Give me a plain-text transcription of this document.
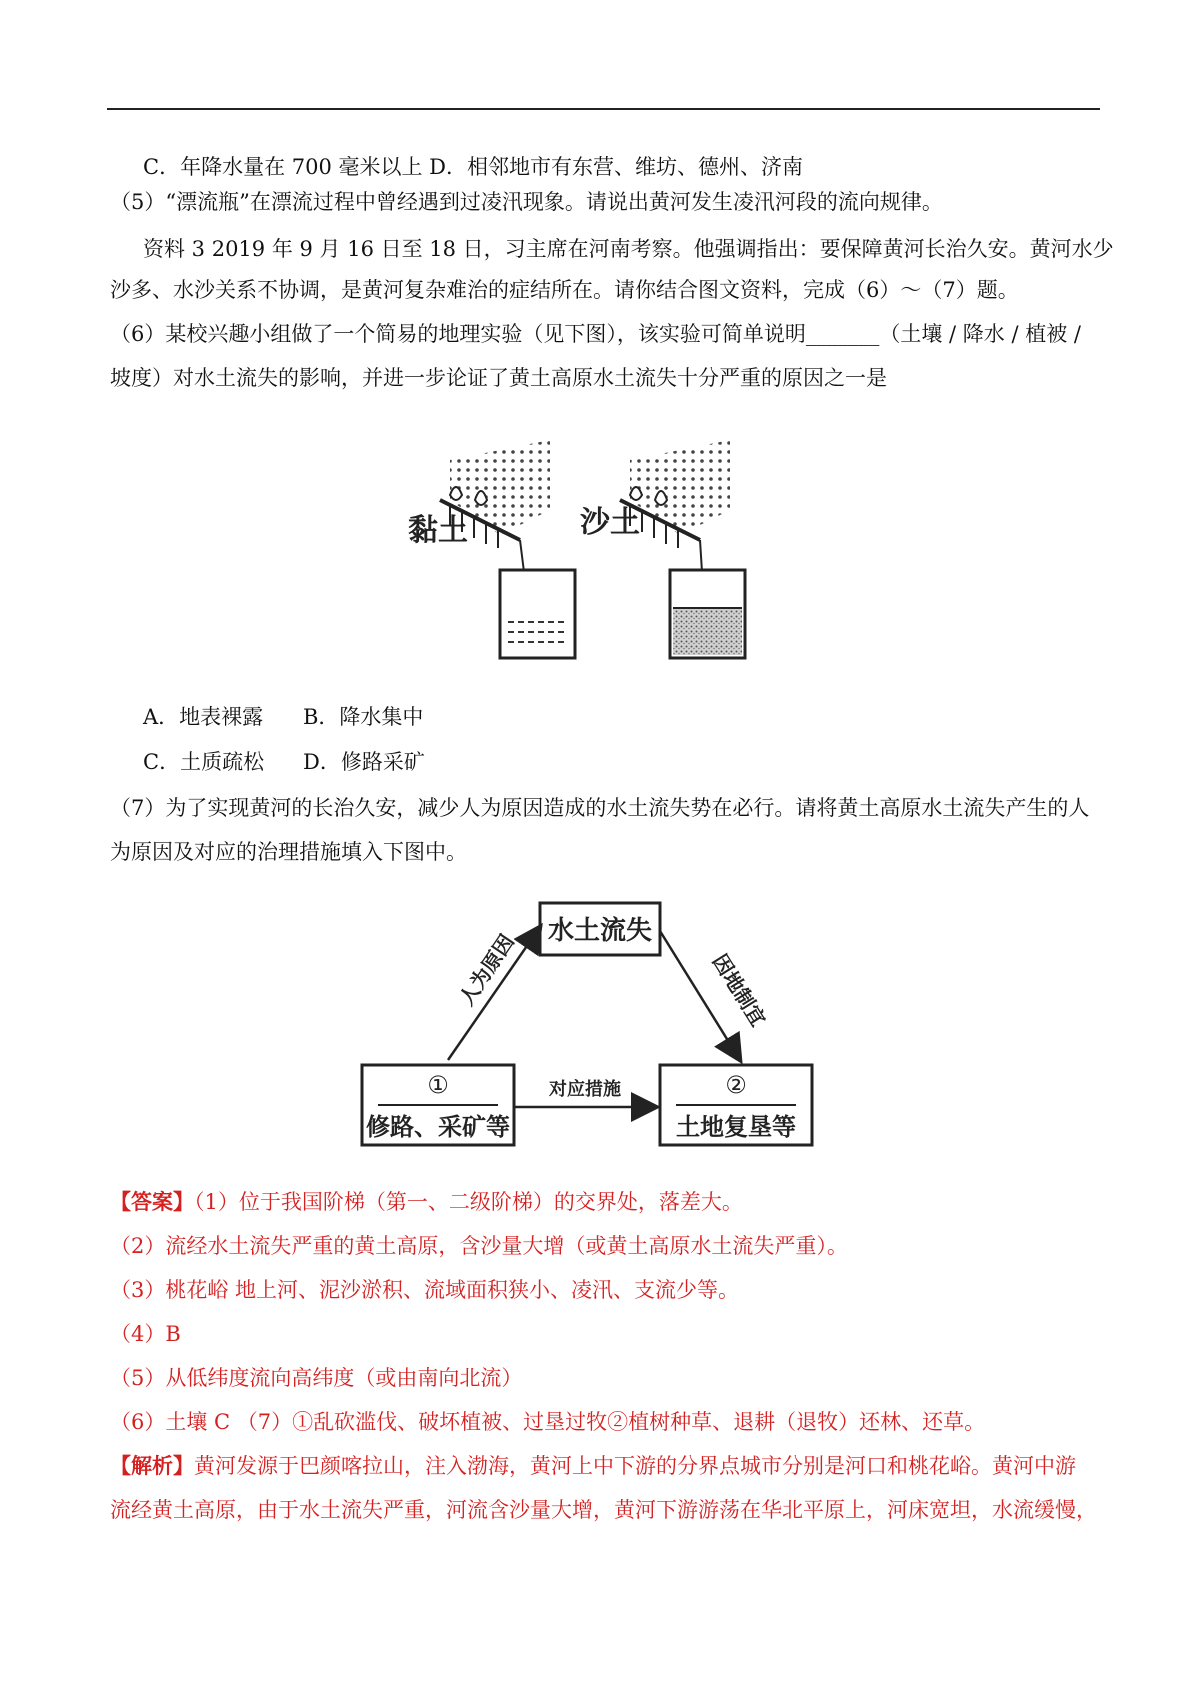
C．年降水量在 700 毫米以上 D．相邻地市有东营、维坊、德州、济南
（5）“漂流瓶”在漂流过程中曾经遇到过凌汛现象。请说出黄河发生凌汛河段的流向规律。
资料 3 2019 年 9 月 16 日至 18 日，习主席在河南考察。他强调指出：要保障黄河长治久安。黄河水少
沙多、水沙关系不协调，是黄河复杂难治的症结所在。请你结合图文资料，完成（6）～（7）题。
（6）某校兴趣小组做了一个简易的地理实验（见下图），该实验可简单说明_______（土壤 / 降水 / 植被 /
坡度）对水土流失的影响，并进一步论证了黄土高原水土流失十分严重的原因之一是
黏土	沙土
A．地表裸露 B．降水集中
C．土质疏松 D．修路采矿
（7）为了实现黄河的长治久安，减少人为原因造成的水土流失势在必行。请将黄土高原水土流失产生的人
为原因及对应的治理措施填入下图中。
水土流失
人为原因	因地制宜
①
修路、采矿等
对应措施	②
土地复垦等
【答案】（1）位于我国阶梯（第一、二级阶梯）的交界处，落差大。
（2）流经水土流失严重的黄土高原，含沙量大增（或黄土高原水土流失严重）。
（3）桃花峪 地上河、泥沙淤积、流域面积狭小、凌汛、支流少等。
（4）B
（5）从低纬度流向高纬度（或由南向北流）
（6）土壤 C （7）①乱砍滥伐、破坏植被、过垦过牧②植树种草、退耕（退牧）还林、还草。
【解析】黄河发源于巴颜喀拉山，注入渤海，黄河上中下游的分界点城市分别是河口和桃花峪。黄河中游
流经黄土高原，由于水土流失严重，河流含沙量大增，黄河下游游荡在华北平原上，河床宽坦，水流缓慢，
